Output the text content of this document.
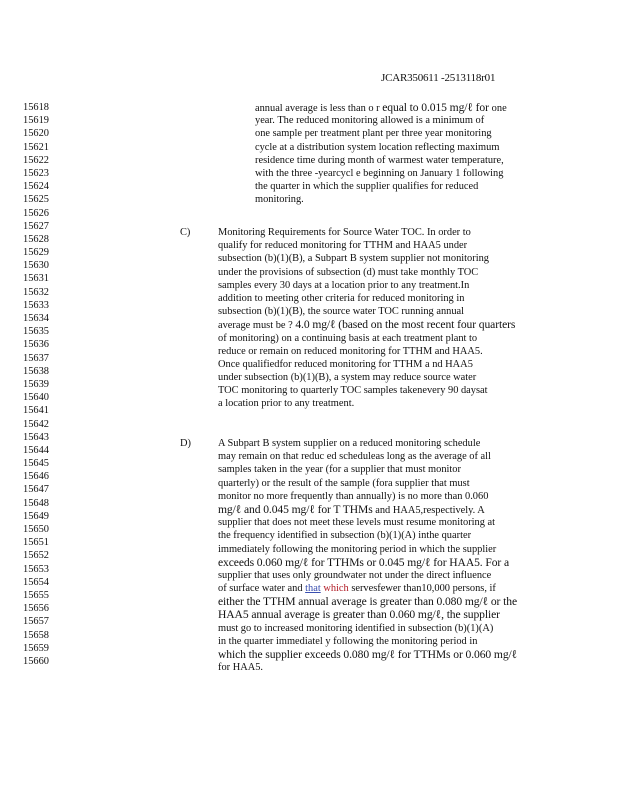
JCAR350611 -2513118r01
15618
15619
15620
15621
15622
15623
15624
15625
15626
15627
15628
15629
15630
15631
15632
15633
15634
15635
15636
15637
15638
15639
15640
15641
15642
15643
15644
15645
15646
15647
15648
15649
15650
15651
15652
15653
15654
15655
15656
15657
15658
15659
15660
annual average is less than o r equal to 0.015 mg/ℓ for one
year. The reduced monitoring allowed is a minimum of
one sample per treatment plant per three year monitoring
cycle at a distribution system location reflecting maximum
residence time during month of warmest water temperature,
with the three -yearcycl e beginning on January 1 following
the quarter in which the supplier qualifies for reduced
monitoring.
C)	Monitoring Requirements for Source Water TOC. In order to
qualify for reduced monitoring for TTHM and HAA5 under
subsection (b)(1)(B), a Subpart B system supplier not monitoring
under the provisions of subsection (d) must take monthly TOC
samples every 30 days at a location prior to any treatment.In
addition to meeting other criteria for reduced monitoring in
subsection (b)(1)(B), the source water TOC running annual
average must be ? 4.0 mg/ℓ (based on the most recent four quarters
of monitoring) on a continuing basis at each treatment plant to
reduce or remain on reduced monitoring for TTHM and HAA5.
Once qualifiedfor reduced monitoring for TTHM a nd HAA5
under subsection (b)(1)(B), a system may reduce source water
TOC monitoring to quarterly TOC samples takenevery 90 daysat
a location prior to any treatment.
D)	A Subpart B system supplier on a reduced monitoring schedule
may remain on that reduc ed scheduleas long as the average of all
samples taken in the year (for a supplier that must monitor
quarterly) or the result of the sample (fora supplier that must
monitor no more frequently than annually) is no more than 0.060
mg/ℓ and 0.045 mg/ℓ for T THMs and HAA5,respectively. A
supplier that does not meet these levels must resume monitoring at
the frequency identified in subsection (b)(1)(A) inthe quarter
immediately following the monitoring period in which the supplier
exceeds 0.060 mg/ℓ for TTHMs or 0.045 mg/ℓ for HAA5. For a
supplier that uses only groundwater not under the direct influence
of surface water and that which servesfewer than10,000 persons, if
either the TTHM annual average is greater than 0.080 mg/ℓ or the
HAA5 annual average is greater than 0.060 mg/ℓ, the supplier
must go to increased monitoring identified in subsection (b)(1)(A)
in the quarter immediatel y following the monitoring period in
which the supplier exceeds 0.080 mg/ℓ for TTHMs or 0.060 mg/ℓ
for HAA5.
